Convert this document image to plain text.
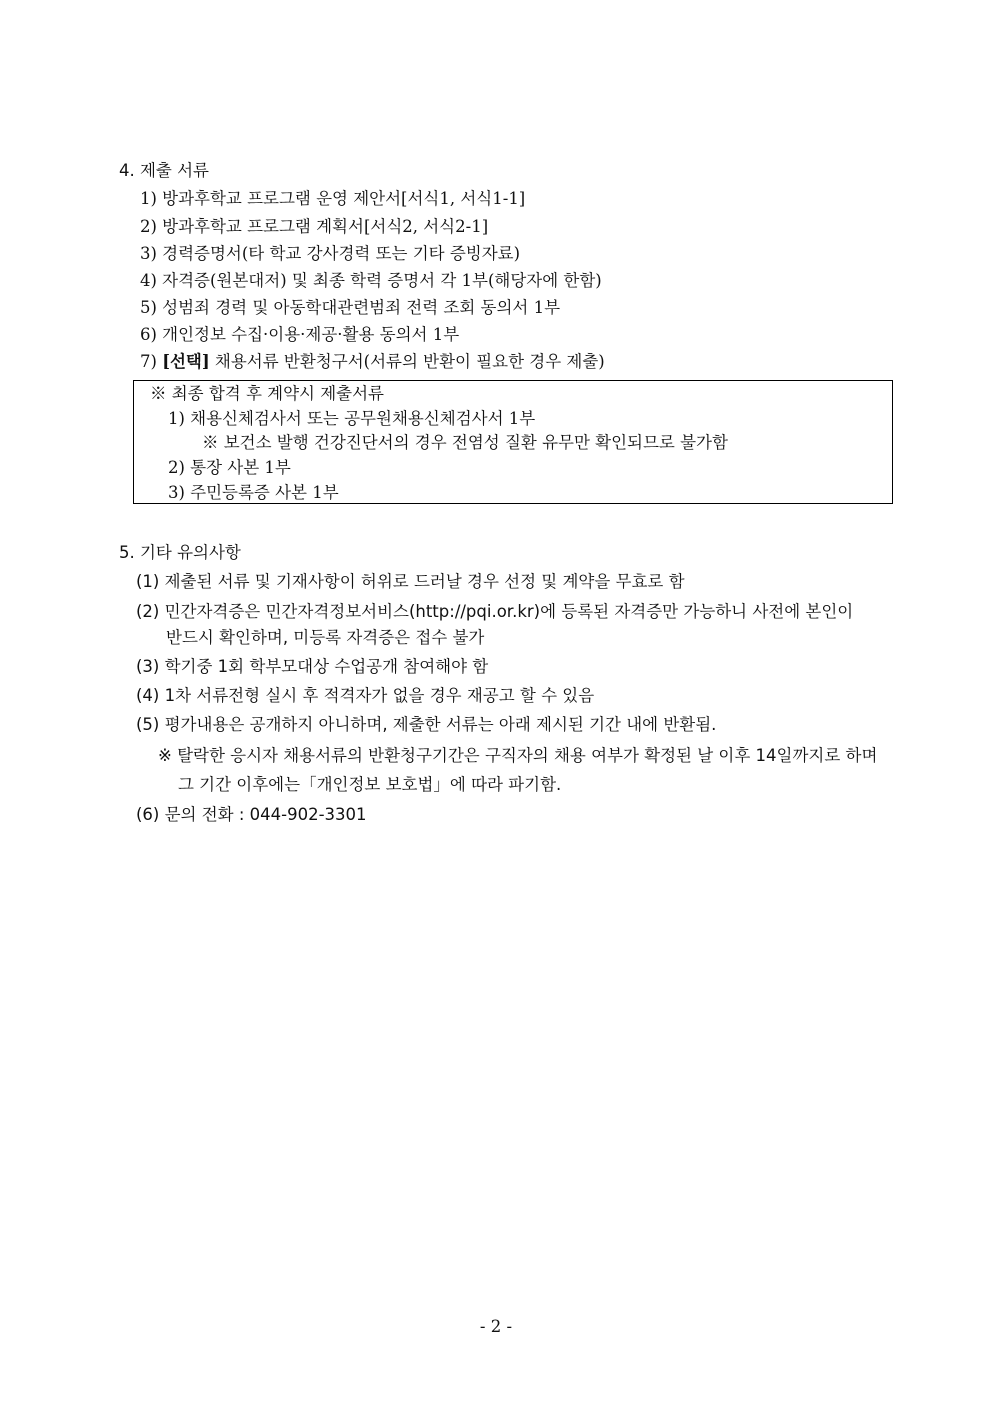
4. 제출 서류
1) 방과후학교 프로그램 운영 제안서[서식1, 서식1-1]
2) 방과후학교 프로그램 계획서[서식2, 서식2-1]
3) 경력증명서(타 학교 강사경력 또는 기타 증빙자료)
4) 자격증(원본대저) 및 최종 학력 증명서 각 1부(해당자에 한함)
5) 성범죄 경력 및 아동학대관련범죄 전력 조회 동의서 1부
6) 개인정보 수집·이용·제공·활용 동의서 1부
7) [선택] 채용서류 반환청구서(서류의 반환이 필요한 경우 제출)
※ 최종 합격 후 계약시 제출서류
1) 채용신체검사서 또는 공무원채용신체검사서 1부
※ 보건소 발행 건강진단서의 경우 전염성 질환 유무만 확인되므로 불가함
2) 통장 사본 1부
3) 주민등록증 사본 1부
5. 기타 유의사항
(1) 제출된 서류 및 기재사항이 허위로 드러날 경우 선정 및 계약을 무효로 함
(2) 민간자격증은 민간자격정보서비스(http://pqi.or.kr)에 등록된 자격증만 가능하니 사전에 본인이
반드시 확인하며, 미등록 자격증은 접수 불가
(3) 학기중 1회 학부모대상 수업공개 참여해야 함
(4) 1차 서류전형 실시 후 적격자가 없을 경우 재공고 할 수 있음
(5) 평가내용은 공개하지 아니하며, 제출한 서류는 아래 제시된 기간 내에 반환됨.
※ 탈락한 응시자 채용서류의 반환청구기간은 구직자의 채용 여부가 확정된 날 이후 14일까지로 하며
그 기간 이후에는「개인정보 보호법」에 따라 파기함.
(6) 문의 전화 : 044-902-3301
- 2 -
